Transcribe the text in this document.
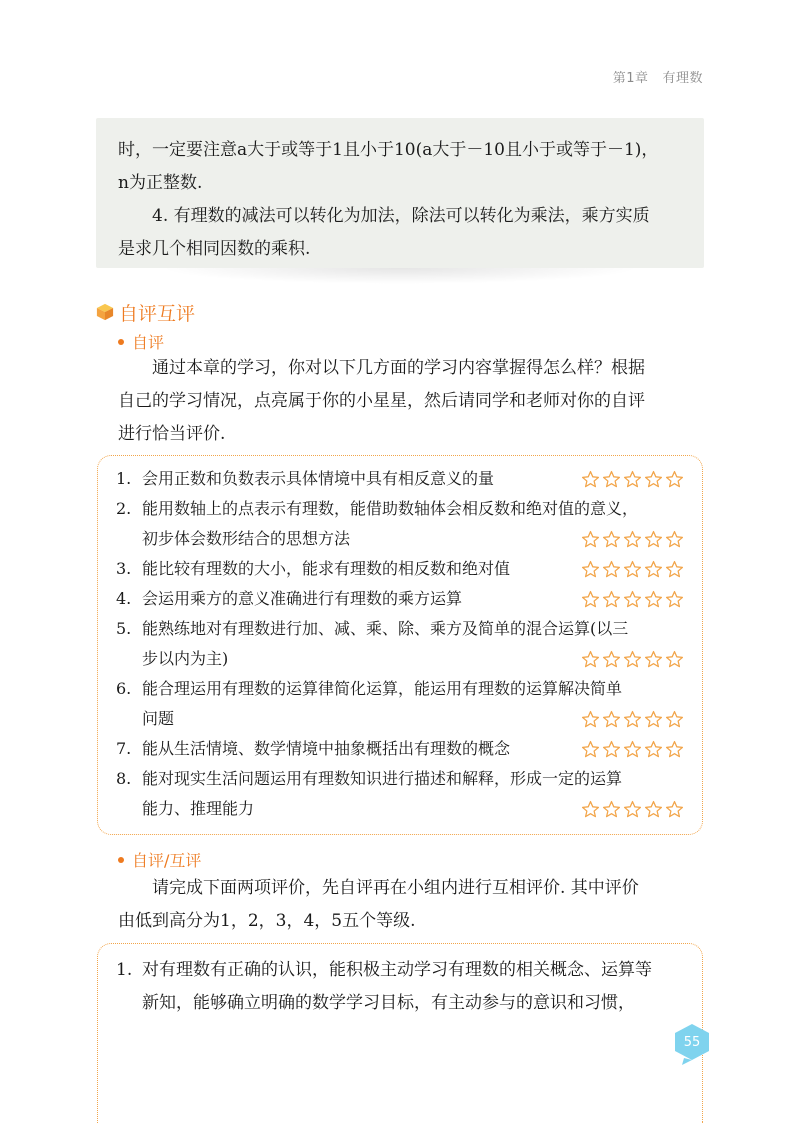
第1章 有理数

时，一定要注意a大于或等于1且小于10(a大于－10且小于或等于－1)，

n为正整数.

4. 有理数的减法可以转化为加法，除法可以转化为乘法，乘方实质

是求几个相同因数的乘积.

自评互评
自评
通过本章的学习，你对以下几方面的学习内容掌握得怎么样？根据
自己的学习情况，点亮属于你的小星星，然后请同学和老师对你的自评
进行恰当评价.
1. 会用正数和负数表示具体情境中具有相反意义的量
2. 能用数轴上的点表示有理数，能借助数轴体会相反数和绝对值的意义，
初步体会数形结合的思想方法
3. 能比较有理数的大小，能求有理数的相反数和绝对值
4. 会运用乘方的意义准确进行有理数的乘方运算
5. 能熟练地对有理数进行加、减、乘、除、乘方及简单的混合运算(以三
步以内为主)
6. 能合理运用有理数的运算律简化运算，能运用有理数的运算解决简单
问题
7. 能从生活情境、数学情境中抽象概括出有理数的概念
8. 能对现实生活问题运用有理数知识进行描述和解释，形成一定的运算
能力、推理能力
自评/互评
请完成下面两项评价，先自评再在小组内进行互相评价. 其中评价
由低到高分为1，2，3，4，5五个等级.
1. 对有理数有正确的认识，能积极主动学习有理数的相关概念、运算等
新知，能够确立明确的数学学习目标，有主动参与的意识和习惯，
55
